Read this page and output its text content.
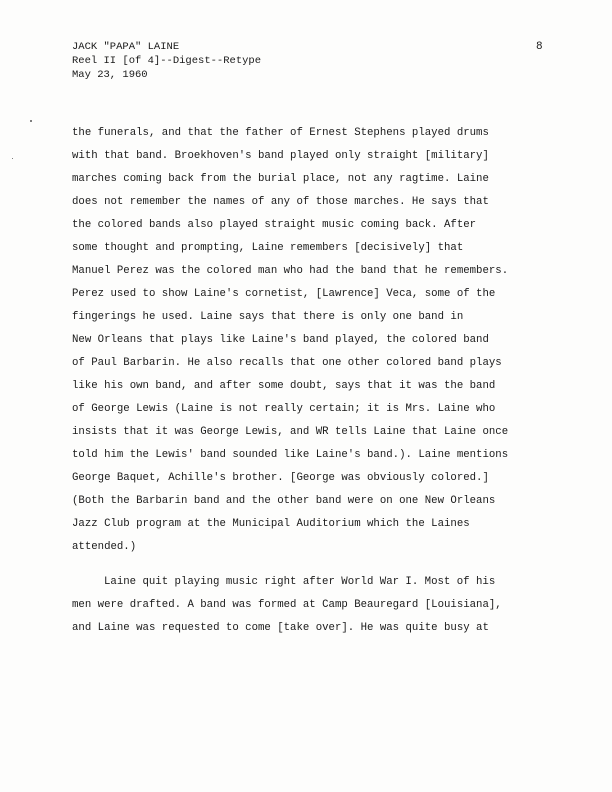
JACK "PAPA" LAINE
Reel II [of 4]--Digest--Retype
May 23, 1960
8
the funerals, and that the father of Ernest Stephens played drums
with that band. Broekhoven's band played only straight [military]
marches coming back from the burial place, not any ragtime. Laine
does not remember the names of any of those marches. He says that
the colored bands also played straight music coming back. After
some thought and prompting, Laine remembers [decisively] that
Manuel Perez was the colored man who had the band that he remembers.
Perez used to show Laine's cornetist, [Lawrence] Veca, some of the
fingerings he used. Laine says that there is only one band in
New Orleans that plays like Laine's band played, the colored band
of Paul Barbarin. He also recalls that one other colored band plays
like his own band, and after some doubt, says that it was the band
of George Lewis (Laine is not really certain; it is Mrs. Laine who
insists that it was George Lewis, and WR tells Laine that Laine once
told him the Lewis' band sounded like Laine's band.). Laine mentions
George Baquet, Achille's brother. [George was obviously colored.]
(Both the Barbarin band and the other band were on one New Orleans
Jazz Club program at the Municipal Auditorium which the Laines
attended.)
Laine quit playing music right after World War I. Most of his
men were drafted. A band was formed at Camp Beauregard [Louisiana],
and Laine was requested to come [take over]. He was quite busy at
